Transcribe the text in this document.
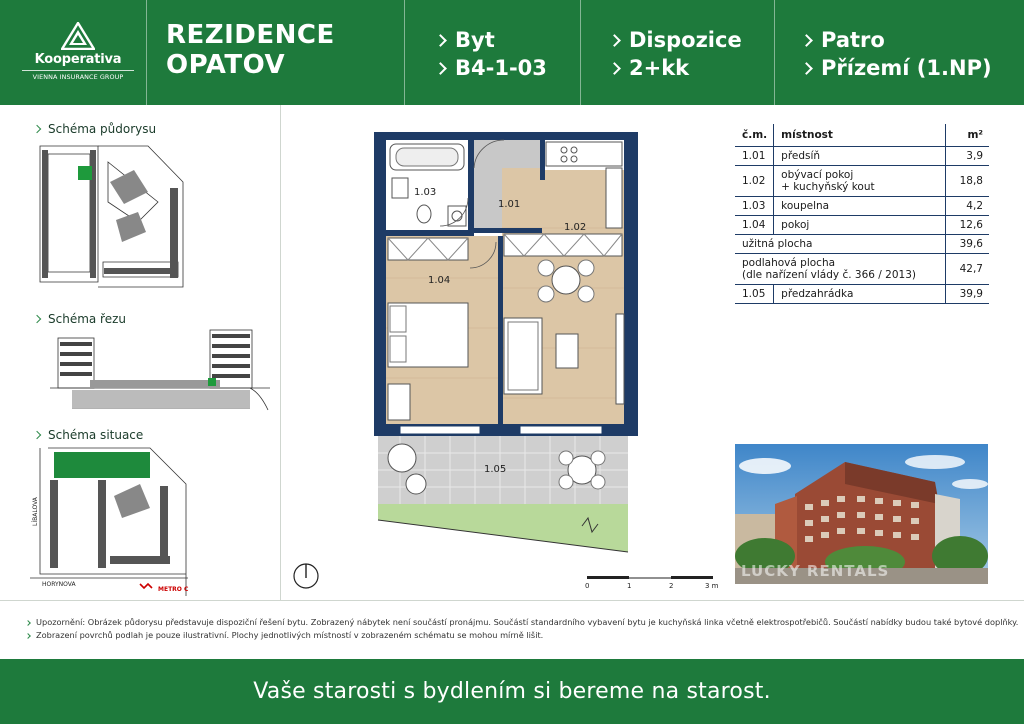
Kooperativa
VIENNA INSURANCE GROUP
REZIDENCE
OPATOV
Byt
B4-1-03
Dispozice
2+kk
Patro
Přízemí (1.NP)
Schéma půdorysu
Schéma řezu
Schéma situace
HORYNOVA
LÍBALOVA
METRO C
1.03
1.01
1.02
1.04
1.05
0	1	2	3 m
č.m.	místnost	m²
1.01	předsíň	3,9
1.02	obývací pokoj
+ kuchyňský kout	18,8
1.03	koupelna	4,2
1.04	pokoj	12,6
užitná plocha		39,6
podlahová plocha
(dle nařízení vlády č. 366 / 2013)		42,7
1.05	předzahrádka	39,9
LUCKY RENTALS
Upozornění: Obrázek půdorysu představuje dispoziční řešení bytu. Zobrazený nábytek není součástí pronájmu. Součástí standardního vybavení bytu je kuchyňská linka včetně elektrospotřebičů. Součástí nabídky budou také bytové doplňky.
Zobrazení povrchů podlah je pouze ilustrativní. Plochy jednotlivých místností v zobrazeném schématu se mohou mírně lišit.
Vaše starosti s bydlením si bereme na starost.
